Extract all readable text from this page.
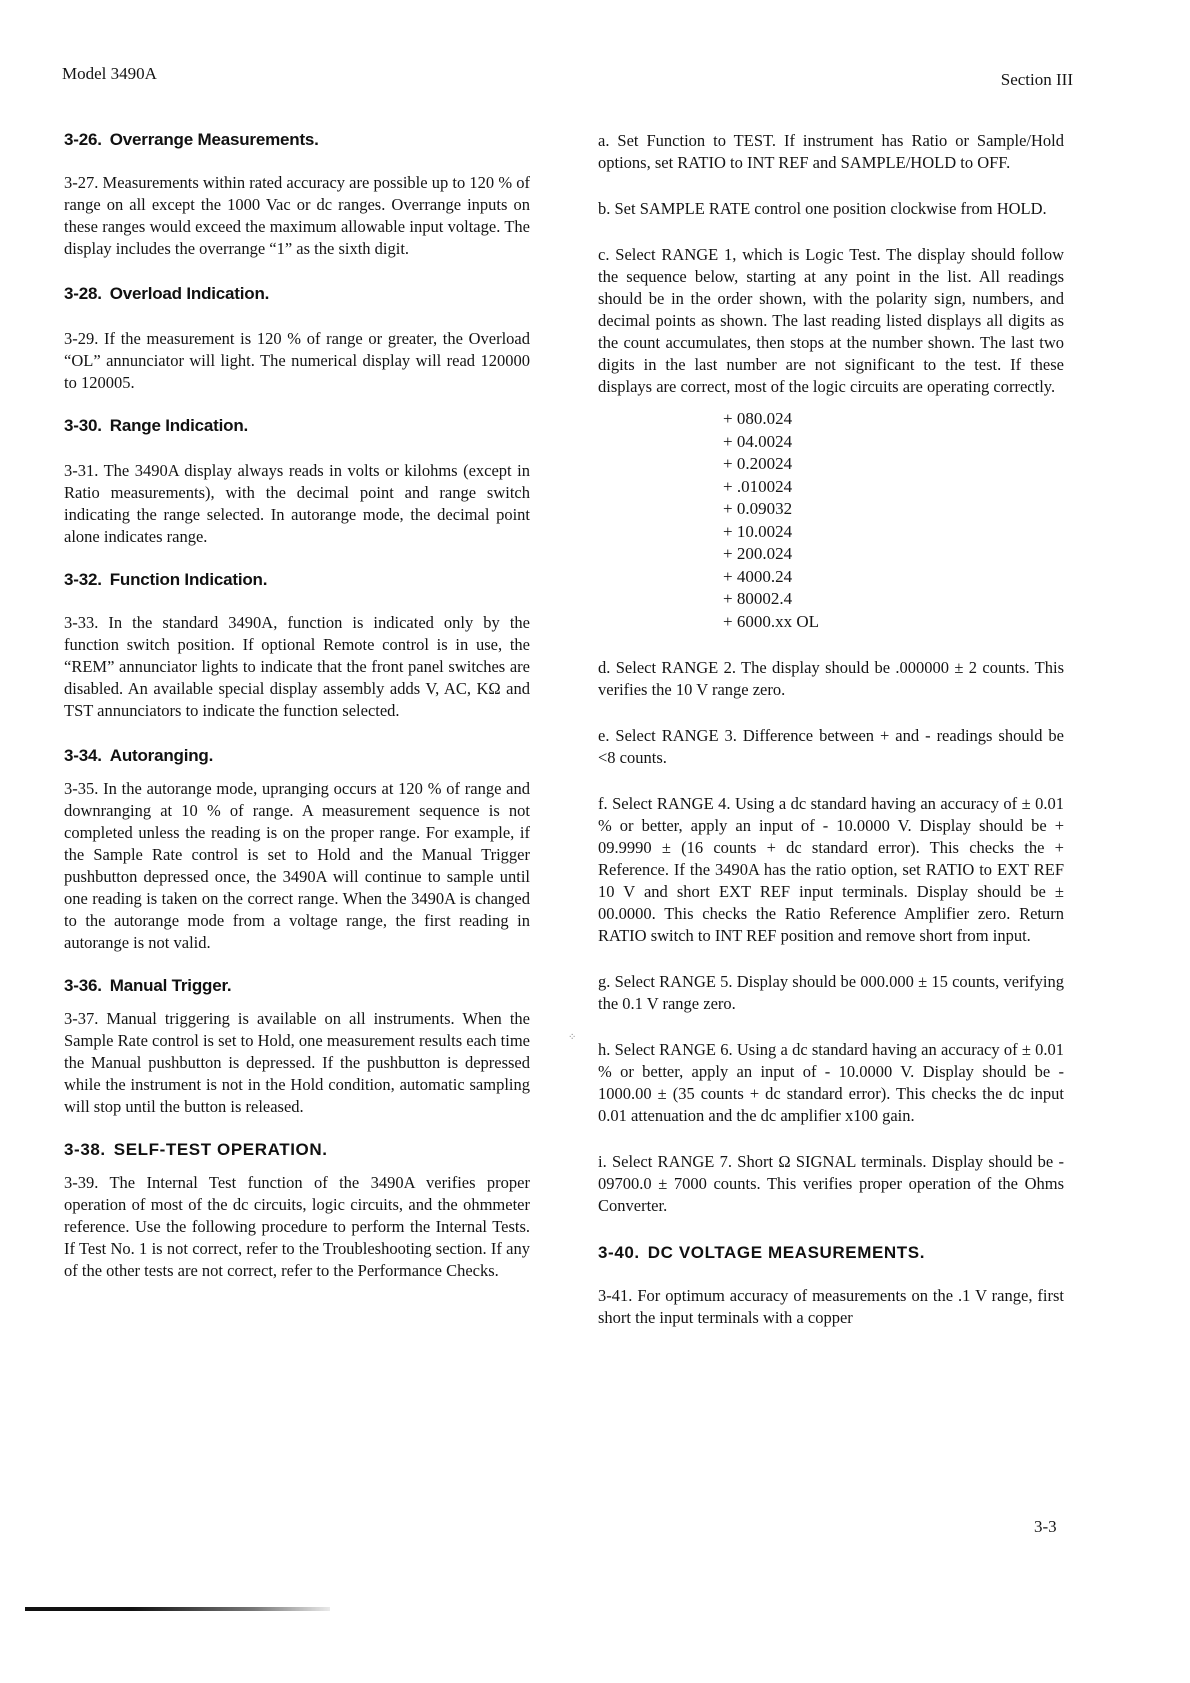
Model 3490A	Section III
3-26. Overrange Measurements.

3-27. Measurements within rated accuracy are possible up to 120 % of range on all except the 1000 Vac or dc ranges. Overrange inputs on these ranges would exceed the maximum allowable input voltage. The display includes the overrange “1” as the sixth digit.

3-28. Overload Indication.

3-29. If the measurement is 120 % of range or greater, the Overload “OL” annunciator will light. The numerical display will read 120000 to 120005.

3-30. Range Indication.

3-31. The 3490A display always reads in volts or kilohms (except in Ratio measurements), with the decimal point and range switch indicating the range selected. In autorange mode, the decimal point alone indicates range.

3-32. Function Indication.

3-33. In the standard 3490A, function is indicated only by the function switch position. If optional Remote control is in use, the “REM” annunciator lights to indicate that the front panel switches are disabled. An available special display assembly adds V, AC, KΩ and TST annunciators to indicate the function selected.

3-34. Autoranging.

3-35. In the autorange mode, upranging occurs at 120 % of range and downranging at 10 % of range. A measurement sequence is not completed unless the reading is on the proper range. For example, if the Sample Rate control is set to Hold and the Manual Trigger pushbutton depressed once, the 3490A will continue to sample until one reading is taken on the correct range. When the 3490A is changed to the autorange mode from a voltage range, the first reading in autorange is not valid.

3-36. Manual Trigger.

3-37. Manual triggering is available on all instruments. When the Sample Rate control is set to Hold, one measurement results each time the Manual pushbutton is depressed. If the pushbutton is depressed while the instrument is not in the Hold condition, automatic sampling will stop until the button is released.

3-38. SELF-TEST OPERATION.

3-39. The Internal Test function of the 3490A verifies proper operation of most of the dc circuits, logic circuits, and the ohmmeter reference. Use the following procedure to perform the Internal Tests. If Test No. 1 is not correct, refer to the Troubleshooting section. If any of the other tests are not correct, refer to the Performance Checks.

a. Set Function to TEST. If instrument has Ratio or Sample/Hold options, set RATIO to INT REF and SAMPLE/HOLD to OFF.

b. Set SAMPLE RATE control one position clockwise from HOLD.

c. Select RANGE 1, which is Logic Test. The display should follow the sequence below, starting at any point in the list. All readings should be in the order shown, with the polarity sign, numbers, and decimal points as shown. The last reading listed displays all digits as the count accumulates, then stops at the number shown. The last two digits in the last number are not significant to the test. If these displays are correct, most of the logic circuits are operating correctly.

+ 080.024
+ 04.0024
+ 0.20024
+ .010024
+ 0.09032
+ 10.0024
+ 200.024
+ 4000.24
+ 80002.4
+ 6000.xx OL

d. Select RANGE 2. The display should be .000000 ± 2 counts. This verifies the 10 V range zero.

e. Select RANGE 3. Difference between + and - readings should be <8 counts.

f. Select RANGE 4. Using a dc standard having an accuracy of ± 0.01 % or better, apply an input of - 10.0000 V. Display should be + 09.9990 ± (16 counts + dc standard error). This checks the + Reference. If the 3490A has the ratio option, set RATIO to EXT REF 10 V and short EXT REF input terminals. Display should be ± 00.0000. This checks the Ratio Reference Amplifier zero. Return RATIO switch to INT REF position and remove short from input.

g. Select RANGE 5. Display should be 000.000 ± 15 counts, verifying the 0.1 V range zero.

h. Select RANGE 6. Using a dc standard having an accuracy of ± 0.01 % or better, apply an input of - 10.0000 V. Display should be - 1000.00 ± (35 counts + dc standard error). This checks the dc input 0.01 attenuation and the dc amplifier x100 gain.

i. Select RANGE 7. Short Ω SIGNAL terminals. Display should be - 09700.0 ± 7000 counts. This verifies proper operation of the Ohms Converter.

3-40. DC VOLTAGE MEASUREMENTS.

3-41. For optimum accuracy of measurements on the .1 V range, first short the input terminals with a copper

3-3
⁘
